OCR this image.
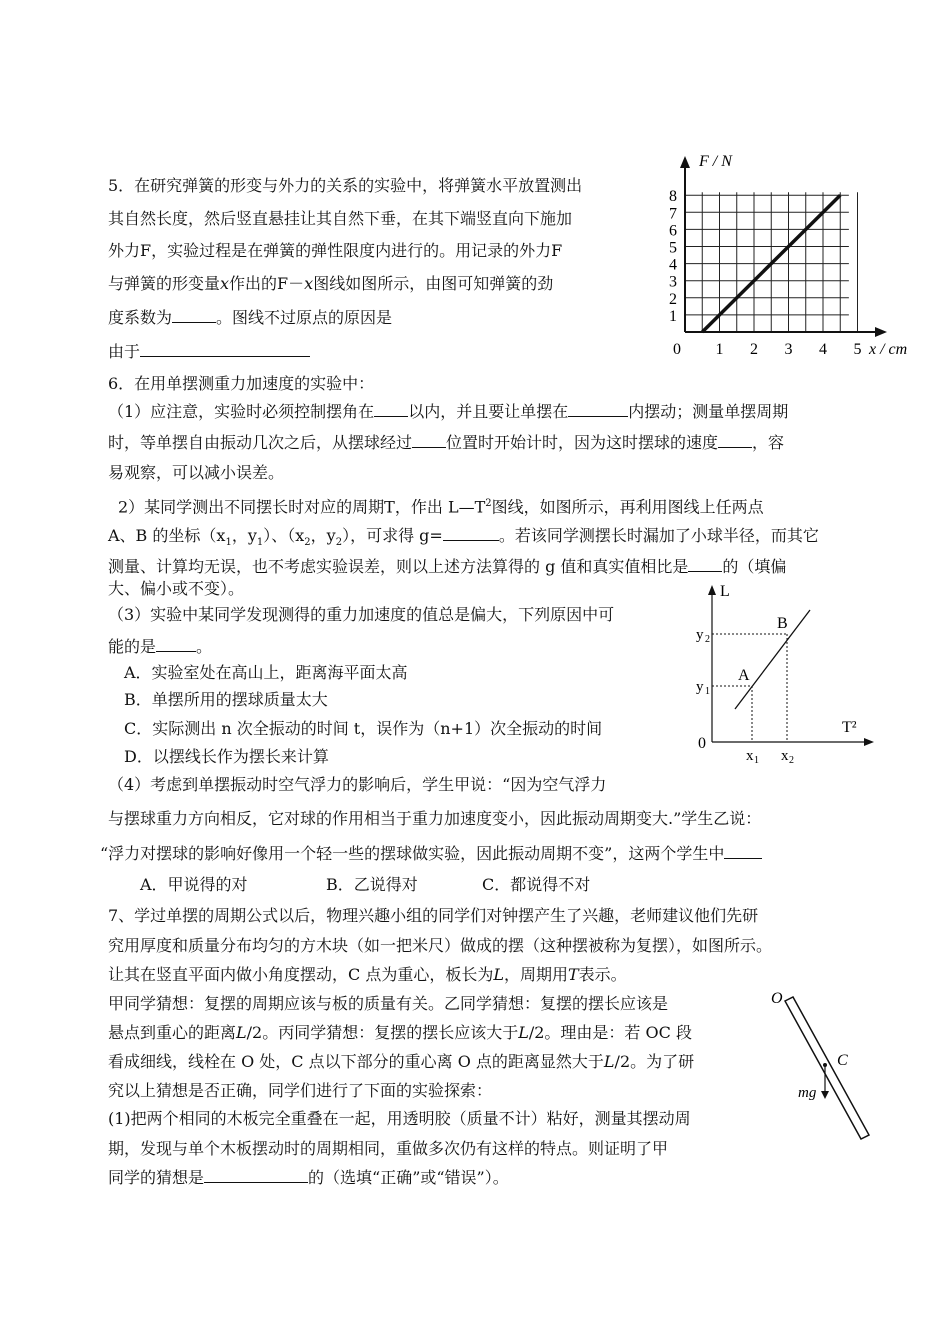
5．在研究弹簧的形变与外力的关系的实验中，将弹簧水平放置测出
其自然长度，然后竖直悬挂让其自然下垂，在其下端竖直向下施加
外力F，实验过程是在弹簧的弹性限度内进行的。用记录的外力F
与弹簧的形变量x作出的F－x图线如图所示，由图可知弹簧的劲
度系数为	。图线不过原点的原因是
由于
1
2
3
4
5
6
7
8
0 1 2 3 4 5
F / N
x / cm
6．在用单摆测重力加速度的实验中：
（1）应注意，实验时必须控制摆角在 以内，并且要让单摆在	内摆动；测量单摆周期
时，等单摆自由振动几次之后，从摆球经过 位置时开始计时，因为这时摆球的速度 ，容
易观察，可以减小误差。
2）某同学测出不同摆长时对应的周期T，作出 $L—T^2$图线，如图所示，再利用图线上任两点
A、B 的坐标（$x_1$，$y_1$）、（$x_2$，$y_2$），可求得 g=	。若该同学测摆长时漏加了小球半径，而其它
测量、计算均无误，也不考虑实验误差，则以上述方法算得的 g 值和真实值相比是 的（填偏
大、偏小或不变）。
（3）实验中某同学发现测得的重力加速度的值总是偏大，下列原因中可
能的是	。
A．实验室处在高山上，距离海平面太高
B．单摆所用的摆球质量太大
C．实际测出 n 次全振动的时间 t，误作为（n+1）次全振动的时间
D．以摆线长作为摆长来计算
（4）考虑到单摆振动时空气浮力的影响后，学生甲说：“因为空气浮力
与摆球重力方向相反，它对球的作用相当于重力加速度变小，因此振动周期变大.”学生乙说：
“浮力对摆球的影响好像用一个轻一些的摆球做实验，因此振动周期不变”，这两个学生中
A．甲说得的对	B．乙说得对	C．都说得不对
A
B
L
T²
0
y 2
y 1
x 1 x 2
7、学过单摆的周期公式以后，物理兴趣小组的同学们对钟摆产生了兴趣，老师建议他们先研
究用厚度和质量分布均匀的方木块（如一把米尺）做成的摆（这种摆被称为复摆），如图所示。
让其在竖直平面内做小角度摆动，C 点为重心，板长为L，周期用T表示。
甲同学猜想：复摆的周期应该与板的质量有关。乙同学猜想：复摆的摆长应该是
悬点到重心的距离L/2。丙同学猜想：复摆的摆长应该大于L/2。理由是：若 OC 段
看成细线，线栓在 O 处，C 点以下部分的重心离 O 点的距离显然大于L/2。为了研
究以上猜想是否正确，同学们进行了下面的实验探索：
(1)把两个相同的木板完全重叠在一起，用透明胶（质量不计）粘好，测量其摆动周
期，发现与单个木板摆动时的周期相同，重做多次仍有这样的特点。则证明了甲
同学的猜想是	的（选填“正确”或“错误”）。
O
C
mg
